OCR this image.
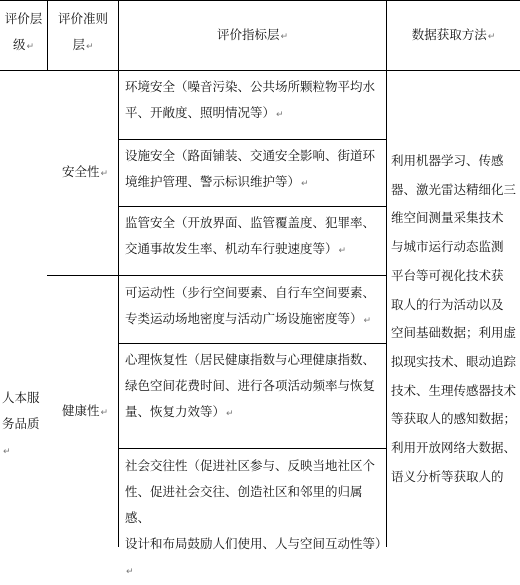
评价层
级↵
评价准则
层↵
评价指标层↵	数据获取方法↵
人本服
务品质↵
安全性↵
健康性↵
环境安全（噪音污染、公共场所颗粒物平均水
平、开敞度、照明情况等）↵
设施安全（路面铺装、交通安全影响、街道环
境维护管理、警示标识维护等）↵
监管安全（开放界面、监管覆盖度、犯罪率、
交通事故发生率、机动车行驶速度等）↵
可运动性（步行空间要素、自行车空间要素、
专类运动场地密度与活动广场设施密度等）↵
心理恢复性（居民健康指数与心理健康指数、
绿色空间花费时间、进行各项活动频率与恢复
量、恢复力效等）↵
社会交往性（促进社区参与、反映当地社区个
性、促进社会交往、创造社区和邻里的归属感、
设计和布局鼓励人们使用、人与空间互动性等）↵
利用机器学习、传感
器、激光雷达精细化三
维空间测量采集技术
与城市运行动态监测
平台等可视化技术获
取人的行为活动以及
空间基础数据；利用虚
拟现实技术、眼动追踪
技术、生理传感器技术
等获取人的感知数据；
利用开放网络大数据、
语义分析等获取人的
